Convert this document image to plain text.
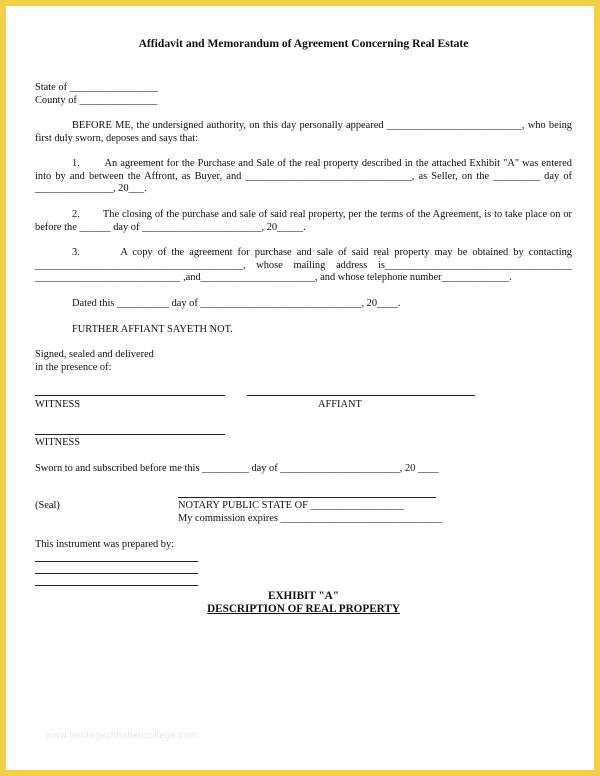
Affidavit and Memorandum of Agreement Concerning Real Estate
State of _________________
County of _______________

BEFORE ME, the undersigned authority, on this day personally appeared __________________________, who being first duly sworn, deposes and says that:

1. An agreement for the Purchase and Sale of the real property described in the attached Exhibit "A" was entered into by and between the Affront, as Buyer, and ________________________________, as Seller, on the _________ day of _______________, 20___.

2. The closing of the purchase and sale of said real property, per the terms of the Agreement, is to take place on or before the ______ day of _______________________, 20_____.

3.	A copy of the agreement for purchase and sale of said real property may be obtained by contacting ________________________________________, whose mailing address is____________________________________ ____________________________ ,and______________________, and whose telephone number_____________.

Dated this __________ day of _______________________________, 20____.
FURTHER AFFIANT SAYETH NOT.
Signed, sealed and delivered
in the presence of:
WITNESS	AFFIANT
WITNESS
Sworn to and subscribed before me this _________ day of _______________________, 20 ____
(Seal)	NOTARY PUBLIC STATE OF __________________
My commission expires _______________________________
This instrument was prepared by:
EXHIBIT "A"
DESCRIPTION OF REAL PROPERTY
www.heritagechristiancollege.com
